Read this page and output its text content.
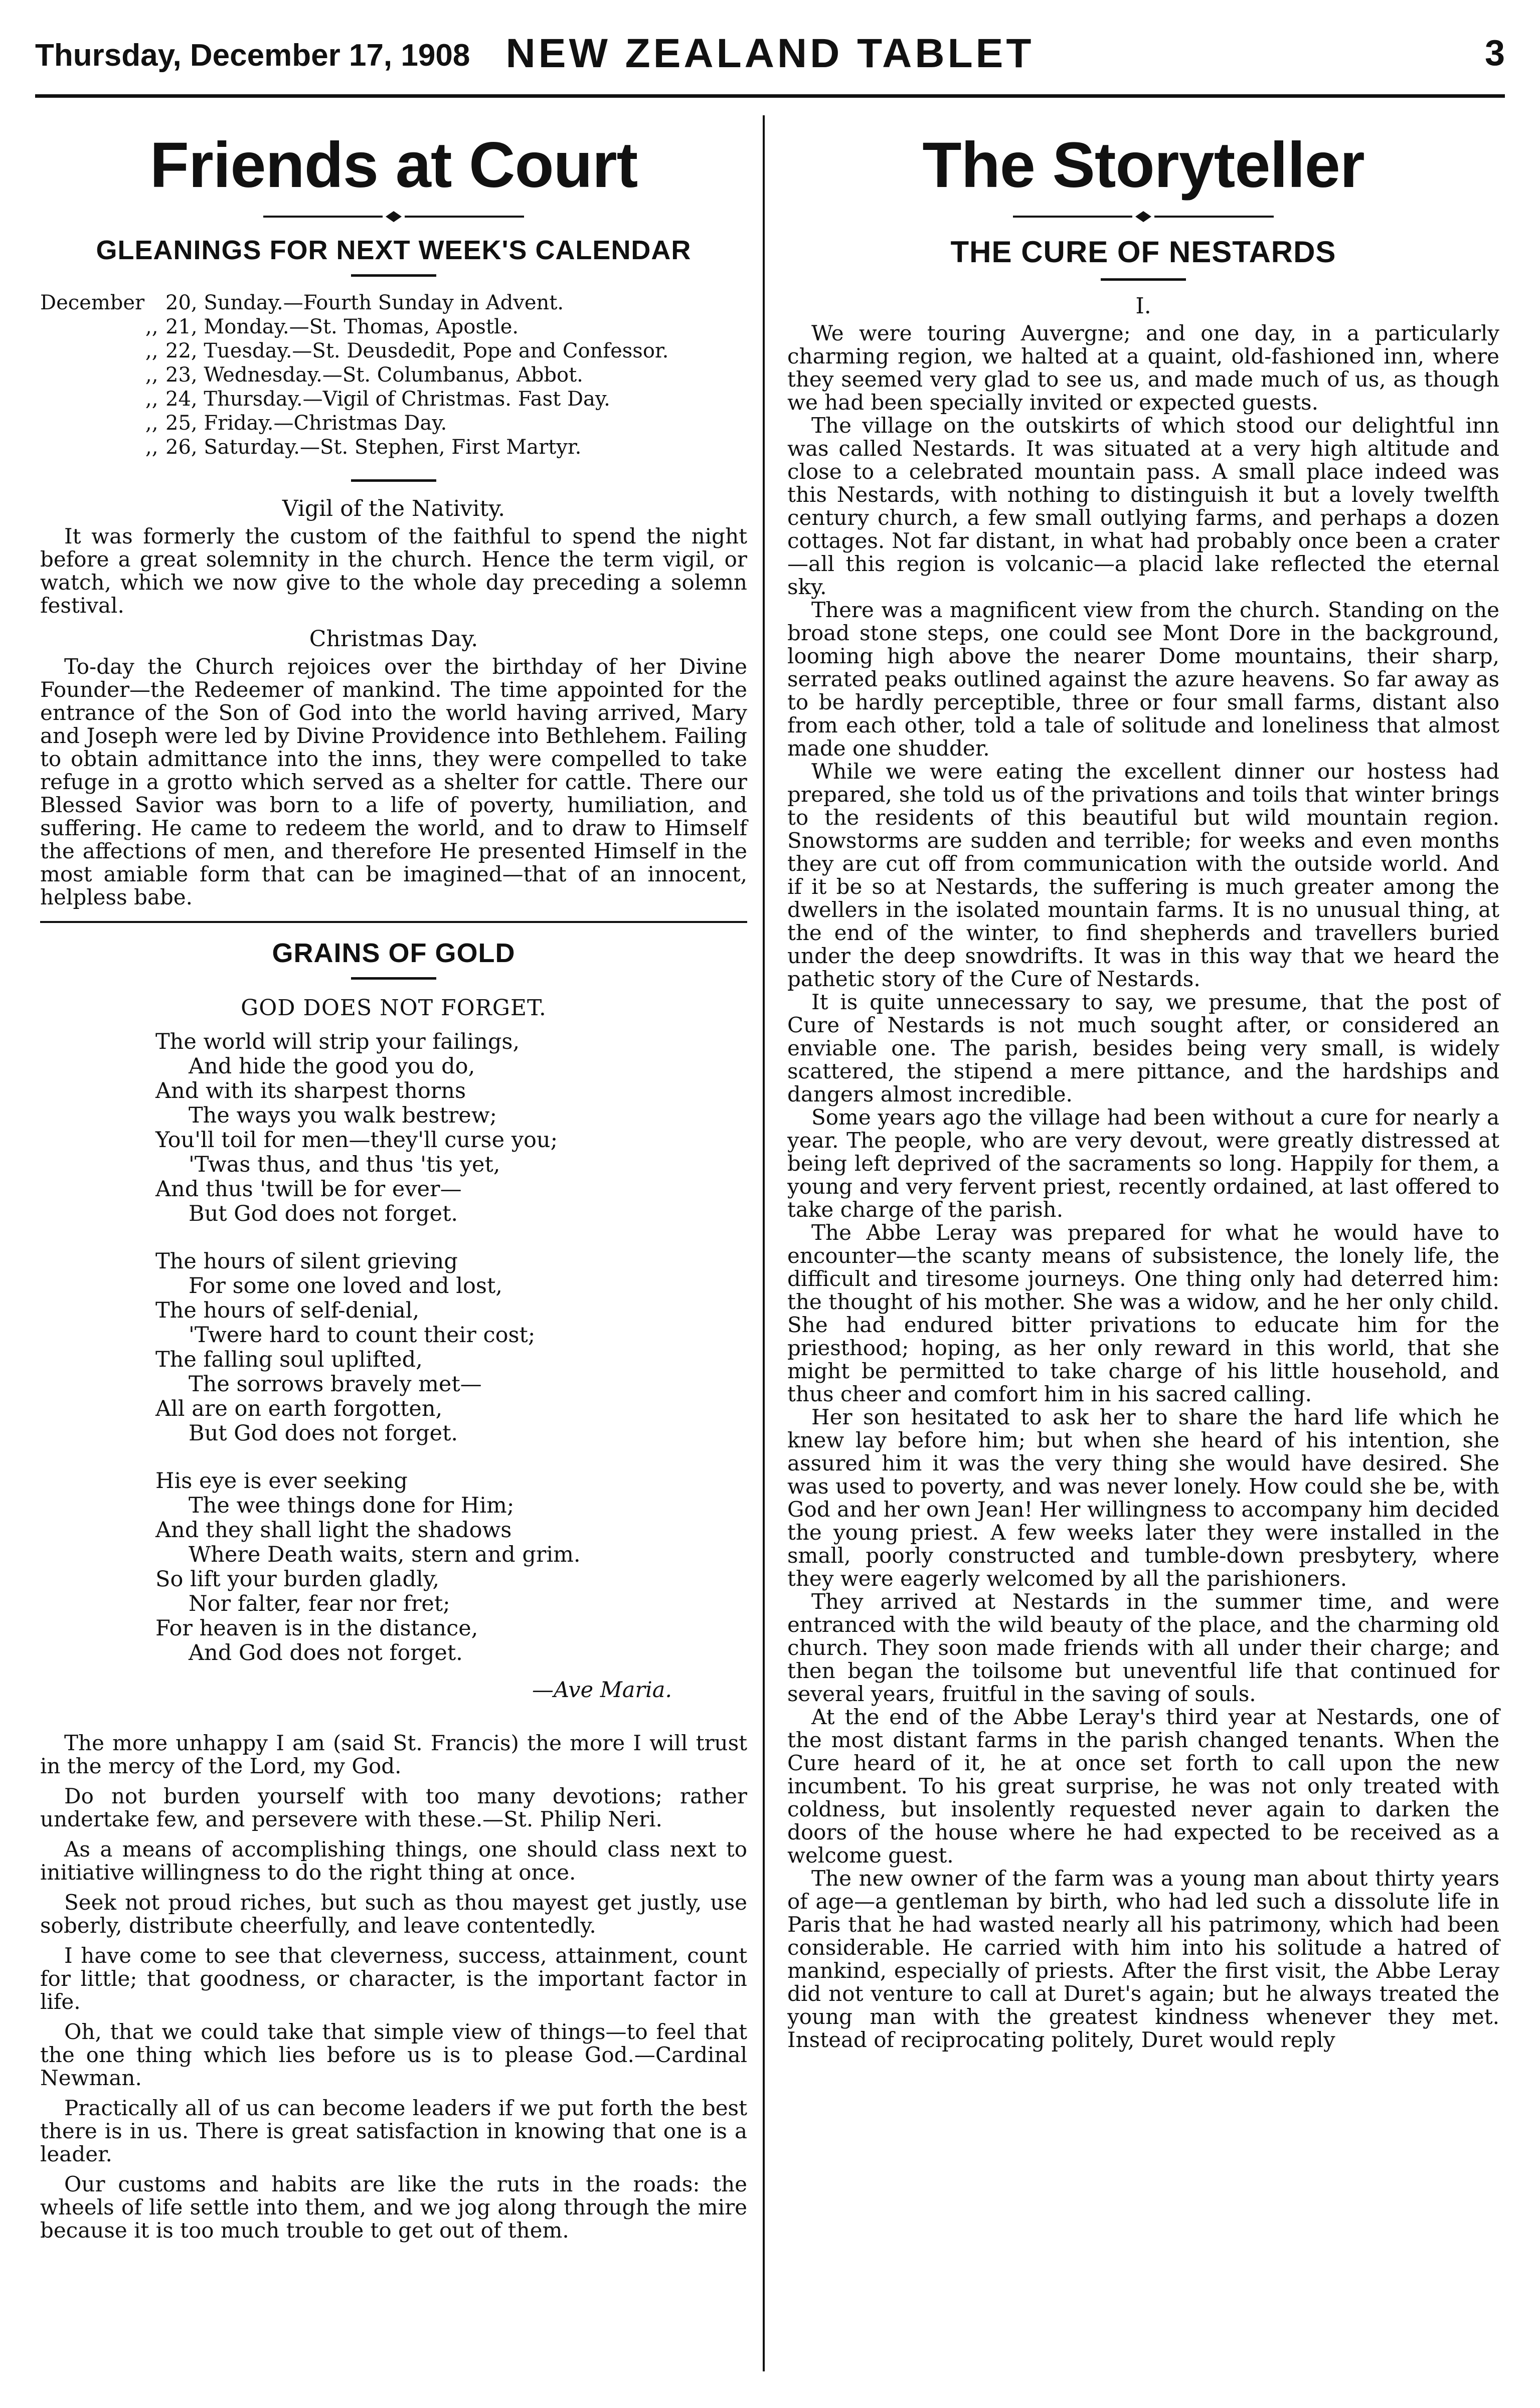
Thursday, December 17, 1908 NEW ZEALAND TABLET	3
Friends at Court
GLEANINGS FOR NEXT WEEK'S CALENDAR
December	20, Sunday.—Fourth Sunday in Advent.
,, 21, Monday.—St. Thomas, Apostle.
,, 22, Tuesday.—St. Deusdedit, Pope and Confessor.
,, 23, Wednesday.—St. Columbanus, Abbot.
,, 24, Thursday.—Vigil of Christmas. Fast Day.
,, 25, Friday.—Christmas Day.
,, 26, Saturday.—St. Stephen, First Martyr.
Vigil of the Nativity.

It was formerly the custom of the faithful to spend the night before a great solemnity in the church. Hence the term vigil, or watch, which we now give to the whole day preceding a solemn festival.

Christmas Day.

To-day the Church rejoices over the birthday of her Divine Founder—the Redeemer of mankind. The time appointed for the entrance of the Son of God into the world having arrived, Mary and Joseph were led by Divine Providence into Bethlehem. Failing to obtain admittance into the inns, they were compelled to take refuge in a grotto which served as a shelter for cattle. There our Blessed Savior was born to a life of poverty, humiliation, and suffering. He came to redeem the world, and to draw to Himself the affections of men, and therefore He presented Himself in the most amiable form that can be imagined—that of an innocent, helpless babe.

GRAINS OF GOLD
GOD DOES NOT FORGET.
The world will strip your failings,
And hide the good you do,
And with its sharpest thorns
The ways you walk bestrew;
You'll toil for men—they'll curse you;
'Twas thus, and thus 'tis yet,
And thus 'twill be for ever—
But God does not forget.
The hours of silent grieving
For some one loved and lost,
The hours of self-denial,
'Twere hard to count their cost;
The falling soul uplifted,
The sorrows bravely met—
All are on earth forgotten,
But God does not forget.
His eye is ever seeking
The wee things done for Him;
And they shall light the shadows
Where Death waits, stern and grim.
So lift your burden gladly,
Nor falter, fear nor fret;
For heaven is in the distance,
And God does not forget.
—Ave Maria.

The more unhappy I am (said St. Francis) the more I will trust in the mercy of the Lord, my God.

Do not burden yourself with too many devotions; rather undertake few, and persevere with these.—St. Philip Neri.

As a means of accomplishing things, one should class next to initiative willingness to do the right thing at once.

Seek not proud riches, but such as thou mayest get justly, use soberly, distribute cheerfully, and leave contentedly.

I have come to see that cleverness, success, attainment, count for little; that goodness, or character, is the important factor in life.

Oh, that we could take that simple view of things—to feel that the one thing which lies before us is to please God.—Cardinal Newman.

Practically all of us can become leaders if we put forth the best there is in us. There is great satisfaction in knowing that one is a leader.

Our customs and habits are like the ruts in the roads: the wheels of life settle into them, and we jog along through the mire because it is too much trouble to get out of them.

The Storyteller
THE CURE OF NESTARDS
I.

We were touring Auvergne; and one day, in a particularly charming region, we halted at a quaint, old-fashioned inn, where they seemed very glad to see us, and made much of us, as though we had been specially invited or expected guests.

The village on the outskirts of which stood our delightful inn was called Nestards. It was situated at a very high altitude and close to a celebrated mountain pass. A small place indeed was this Nestards, with nothing to distinguish it but a lovely twelfth century church, a few small outlying farms, and perhaps a dozen cottages. Not far distant, in what had probably once been a crater—all this region is volcanic—a placid lake reflected the eternal sky.

There was a magnificent view from the church. Standing on the broad stone steps, one could see Mont Dore in the background, looming high above the nearer Dome mountains, their sharp, serrated peaks outlined against the azure heavens. So far away as to be hardly perceptible, three or four small farms, distant also from each other, told a tale of solitude and loneliness that almost made one shudder.

While we were eating the excellent dinner our hostess had prepared, she told us of the privations and toils that winter brings to the residents of this beautiful but wild mountain region. Snowstorms are sudden and terrible; for weeks and even months they are cut off from communication with the outside world. And if it be so at Nestards, the suffering is much greater among the dwellers in the isolated mountain farms. It is no unusual thing, at the end of the winter, to find shepherds and travellers buried under the deep snowdrifts. It was in this way that we heard the pathetic story of the Cure of Nestards.

It is quite unnecessary to say, we presume, that the post of Cure of Nestards is not much sought after, or considered an enviable one. The parish, besides being very small, is widely scattered, the stipend a mere pittance, and the hardships and dangers almost incredible.

Some years ago the village had been without a cure for nearly a year. The people, who are very devout, were greatly distressed at being left deprived of the sacraments so long. Happily for them, a young and very fervent priest, recently ordained, at last offered to take charge of the parish.

The Abbe Leray was prepared for what he would have to encounter—the scanty means of subsistence, the lonely life, the difficult and tiresome journeys. One thing only had deterred him: the thought of his mother. She was a widow, and he her only child. She had endured bitter privations to educate him for the priesthood; hoping, as her only reward in this world, that she might be permitted to take charge of his little household, and thus cheer and comfort him in his sacred calling.

Her son hesitated to ask her to share the hard life which he knew lay before him; but when she heard of his intention, she assured him it was the very thing she would have desired. She was used to poverty, and was never lonely. How could she be, with God and her own Jean! Her willingness to accompany him decided the young priest. A few weeks later they were installed in the small, poorly constructed and tumble-down presbytery, where they were eagerly welcomed by all the parishioners.

They arrived at Nestards in the summer time, and were entranced with the wild beauty of the place, and the charming old church. They soon made friends with all under their charge; and then began the toilsome but uneventful life that continued for several years, fruitful in the saving of souls.

At the end of the Abbe Leray's third year at Nestards, one of the most distant farms in the parish changed tenants. When the Cure heard of it, he at once set forth to call upon the new incumbent. To his great surprise, he was not only treated with coldness, but insolently requested never again to darken the doors of the house where he had expected to be received as a welcome guest.

The new owner of the farm was a young man about thirty years of age—a gentleman by birth, who had led such a dissolute life in Paris that he had wasted nearly all his patrimony, which had been considerable. He carried with him into his solitude a hatred of mankind, especially of priests. After the first visit, the Abbe Leray did not venture to call at Duret's again; but he always treated the young man with the greatest kindness whenever they met. Instead of reciprocating politely, Duret would reply
